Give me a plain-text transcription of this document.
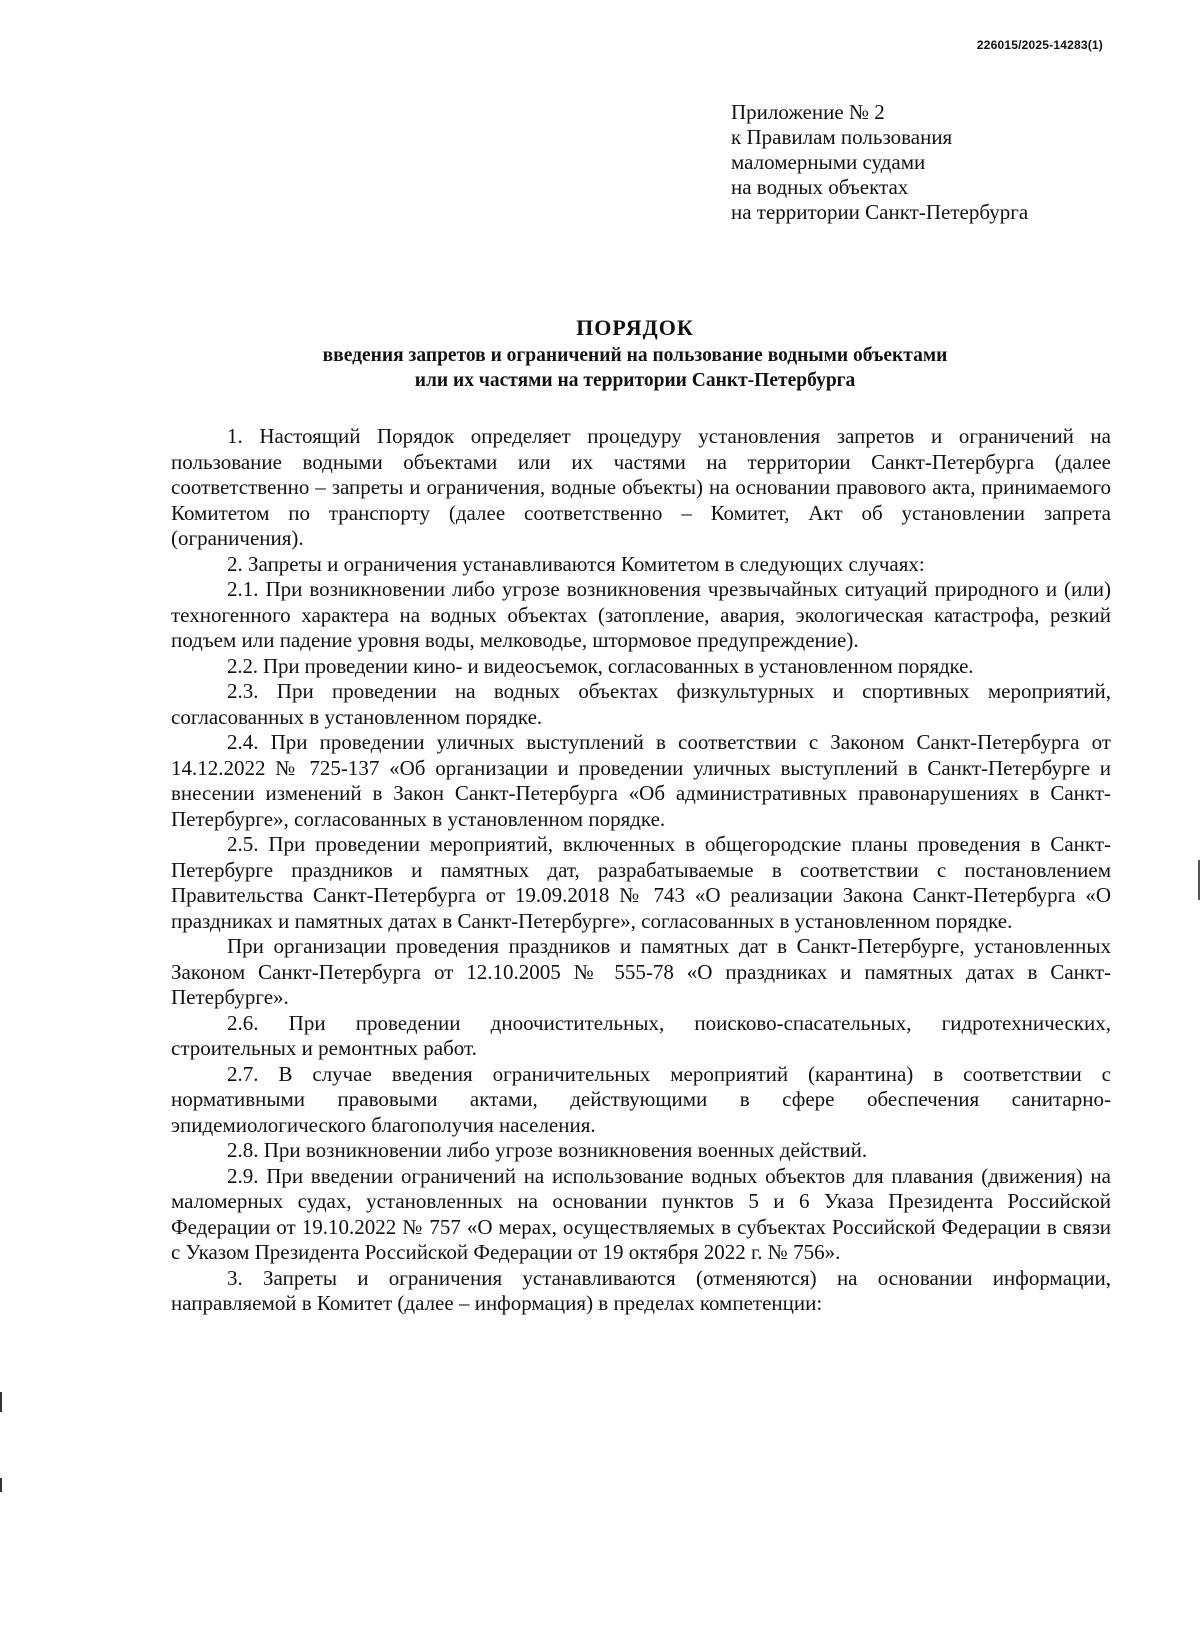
226015/2025-14283(1)
Приложение № 2
к Правилам пользования
маломерными судами
на водных объектах
на территории Санкт-Петербурга
ПОРЯДОК
введения запретов и ограничений на пользование водными объектами
или их частями на территории Санкт-Петербурга

1. Настоящий Порядок определяет процедуру установления запретов и ограничений на пользование водными объектами или их частями на территории Санкт-Петербурга (далее соответственно – запреты и ограничения, водные объекты) на основании правового акта, принимаемого Комитетом по транспорту (далее соответственно – Комитет, Акт об установлении запрета (ограничения).

2. Запреты и ограничения устанавливаются Комитетом в следующих случаях:

2.1. При возникновении либо угрозе возникновения чрезвычайных ситуаций природного и (или) техногенного характера на водных объектах (затопление, авария, экологическая катастрофа, резкий подъем или падение уровня воды, мелководье, штормовое предупреждение).

2.2. При проведении кино- и видеосъемок, согласованных в установленном порядке.

2.3. При проведении на водных объектах физкультурных и спортивных мероприятий, согласованных в установленном порядке.

2.4. При проведении уличных выступлений в соответствии с Законом Санкт-Петербурга от 14.12.2022 № 725-137 «Об организации и проведении уличных выступлений в Санкт-Петербурге и внесении изменений в Закон Санкт-Петербурга «Об административных правонарушениях в Санкт-Петербурге», согласованных в установленном порядке.

2.5. При проведении мероприятий, включенных в общегородские планы проведения в Санкт-Петербурге праздников и памятных дат, разрабатываемые в соответствии с постановлением Правительства Санкт-Петербурга от 19.09.2018 № 743 «О реализации Закона Санкт-Петербурга «О праздниках и памятных датах в Санкт-Петербурге», согласованных в установленном порядке.

При организации проведения праздников и памятных дат в Санкт-Петербурге, установленных Законом Санкт-Петербурга от 12.10.2005 № 555-78 «О праздниках и памятных датах в Санкт-Петербурге».

2.6. При проведении дноочистительных, поисково-спасательных, гидротехнических, строительных и ремонтных работ.

2.7. В случае введения ограничительных мероприятий (карантина) в соответствии с нормативными правовыми актами, действующими в сфере обеспечения санитарно-эпидемиологического благополучия населения.

2.8. При возникновении либо угрозе возникновения военных действий.

2.9. При введении ограничений на использование водных объектов для плавания (движения) на маломерных судах, установленных на основании пунктов 5 и 6 Указа Президента Российской Федерации от 19.10.2022 № 757 «О мерах, осуществляемых в субъектах Российской Федерации в связи с Указом Президента Российской Федерации от 19 октября 2022 г. № 756».

3. Запреты и ограничения устанавливаются (отменяются) на основании информации, направляемой в Комитет (далее – информация) в пределах компетенции:
